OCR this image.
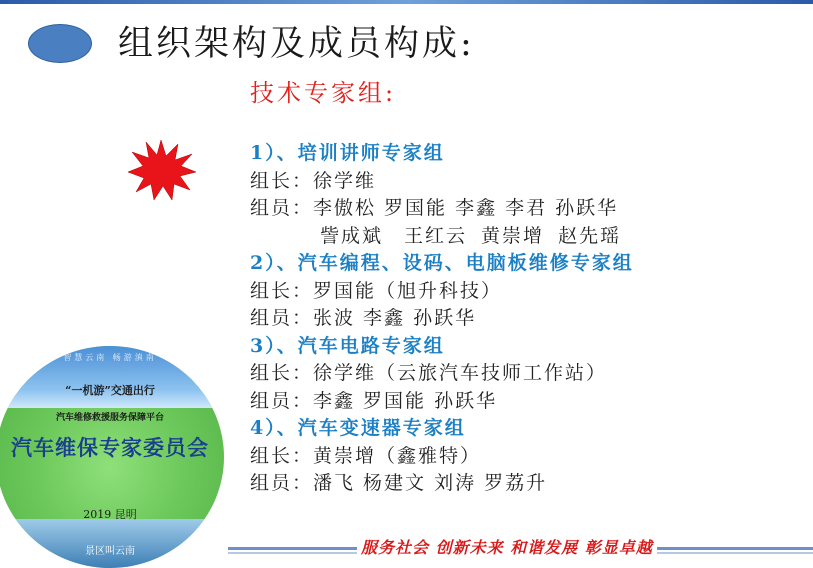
组织架构及成员构成:
技术专家组:
1）、培训讲师专家组
组长：徐学维
组员：李傲松 罗国能 李鑫 李君 孙跃华
訾成斌　王红云 黄崇增 赵先瑶
2）、汽车编程、设码、电脑板维修专家组
组长：罗国能（旭升科技）
组员：张波 李鑫 孙跃华
3）、汽车电路专家组
组长：徐学维（云旅汽车技师工作站）
组员：李鑫 罗国能 孙跃华
4）、汽车变速器专家组
组长：黄崇增（鑫雅特）
组员：潘飞 杨建文 刘涛 罗荔升
智慧云南 畅游滇南
“一机游”交通出行
汽车维修救援服务保障平台
汽车维保专家委员会
2019 昆明
景区叫云南	服务社会 创新未来 和谐发展 彰显卓越
